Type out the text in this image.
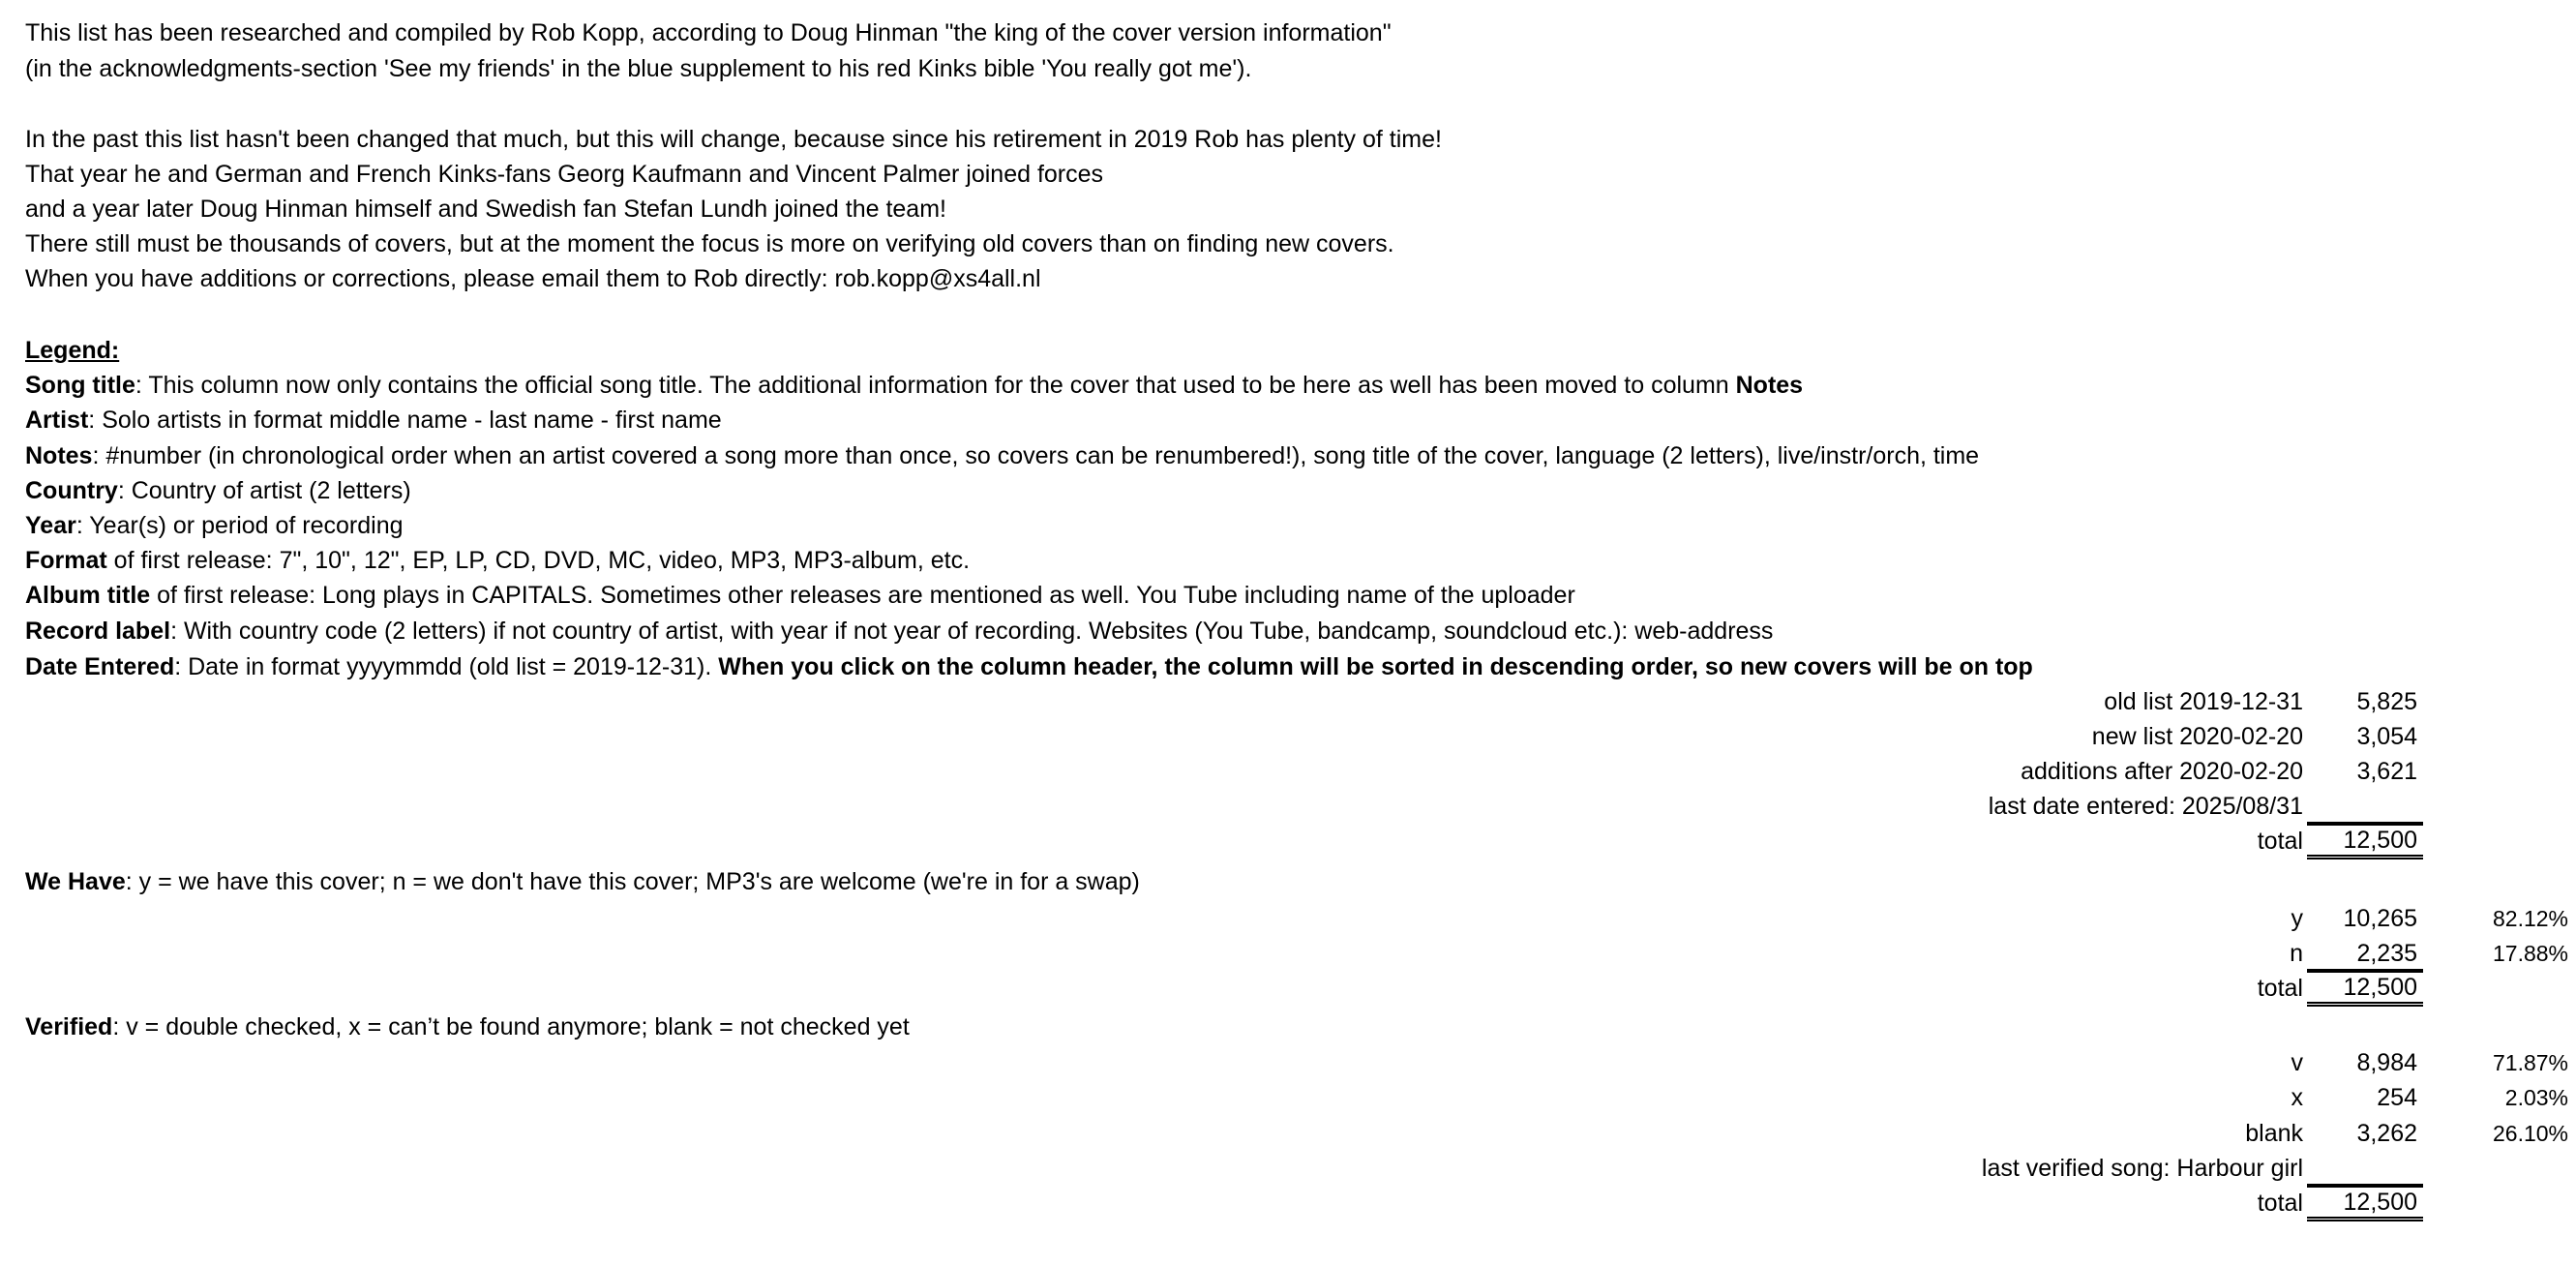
This list has been researched and compiled by Rob Kopp, according to Doug Hinman "the king of the cover version information"
(in the acknowledgments-section 'See my friends' in the blue supplement to his red Kinks bible 'You really got me').
In the past this list hasn't been changed that much, but this will change, because since his retirement in 2019 Rob has plenty of time!
That year he and German and French Kinks-fans Georg Kaufmann and Vincent Palmer joined forces
and a year later Doug Hinman himself and Swedish fan Stefan Lundh joined the team!
There still must be thousands of covers, but at the moment the focus is more on verifying old covers than on finding new covers.
When you have additions or corrections, please email them to Rob directly: rob.kopp@xs4all.nl
Legend:
Song title: This column now only contains the official song title. The additional information for the cover that used to be here as well has been moved to column Notes
Artist: Solo artists in format middle name - last name - first name
Notes: #number (in chronological order when an artist covered a song more than once, so covers can be renumbered!), song title of the cover, language (2 letters), live/instr/orch, time
Country: Country of artist (2 letters)
Year: Year(s) or period of recording
Format of first release: 7", 10", 12", EP, LP, CD, DVD, MC, video, MP3, MP3-album, etc.
Album title of first release: Long plays in CAPITALS. Sometimes other releases are mentioned as well. You Tube including name of the uploader
Record label: With country code (2 letters) if not country of artist, with year if not year of recording. Websites (You Tube, bandcamp, soundcloud etc.): web-address
Date Entered: Date in format yyyymmdd (old list = 2019-12-31). When you click on the column header, the column will be sorted in descending order, so new covers will be on top
old list 2019-12-31	5,825
new list 2020-02-20	3,054
additions after 2020-02-20	3,621
last date entered: 2025/08/31
total	12,500
We Have: y = we have this cover; n = we don't have this cover; MP3's are welcome (we're in for a swap)
y	10,265	82.12%
n	2,235	17.88%
total	12,500
Verified: v = double checked, x = can’t be found anymore; blank = not checked yet
v	8,984	71.87%
x	254	2.03%
blank	3,262	26.10%
last verified song: Harbour girl
total	12,500
